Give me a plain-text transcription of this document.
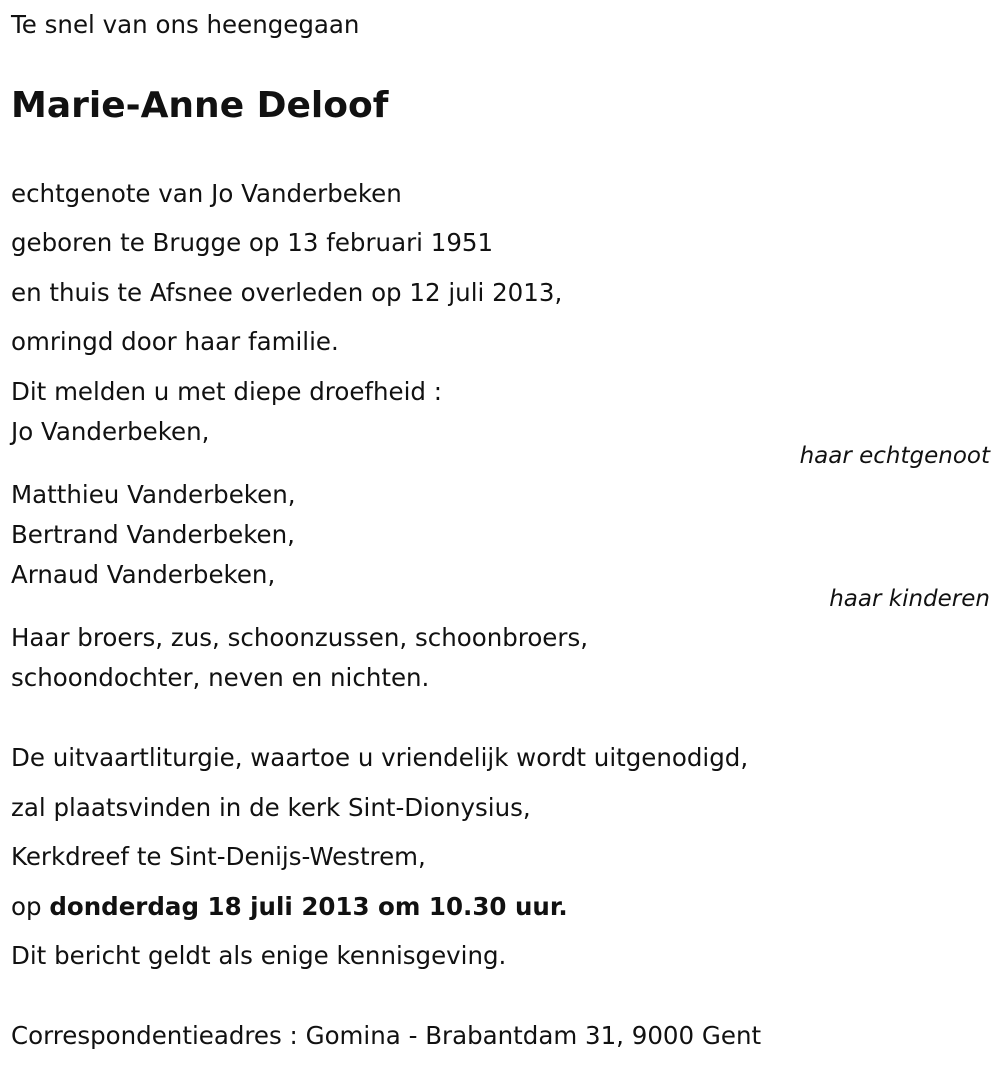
Te snel van ons heengegaan
Marie-Anne Deloof
echtgenote van Jo Vanderbeken
geboren te Brugge op 13 februari 1951
en thuis te Afsnee overleden op 12 juli 2013,
omringd door haar familie.
Dit melden u met diepe droefheid :
Jo Vanderbeken,
haar echtgenoot
Matthieu Vanderbeken,
Bertrand Vanderbeken,
Arnaud Vanderbeken,
haar kinderen
Haar broers, zus, schoonzussen, schoonbroers,
schoondochter, neven en nichten.
De uitvaartliturgie, waartoe u vriendelijk wordt uitgenodigd,
zal plaatsvinden in de kerk Sint-Dionysius,
Kerkdreef te Sint-Denijs-Westrem,
op donderdag 18 juli 2013 om 10.30 uur.
Dit bericht geldt als enige kennisgeving.
Correspondentieadres : Gomina - Brabantdam 31, 9000 Gent
